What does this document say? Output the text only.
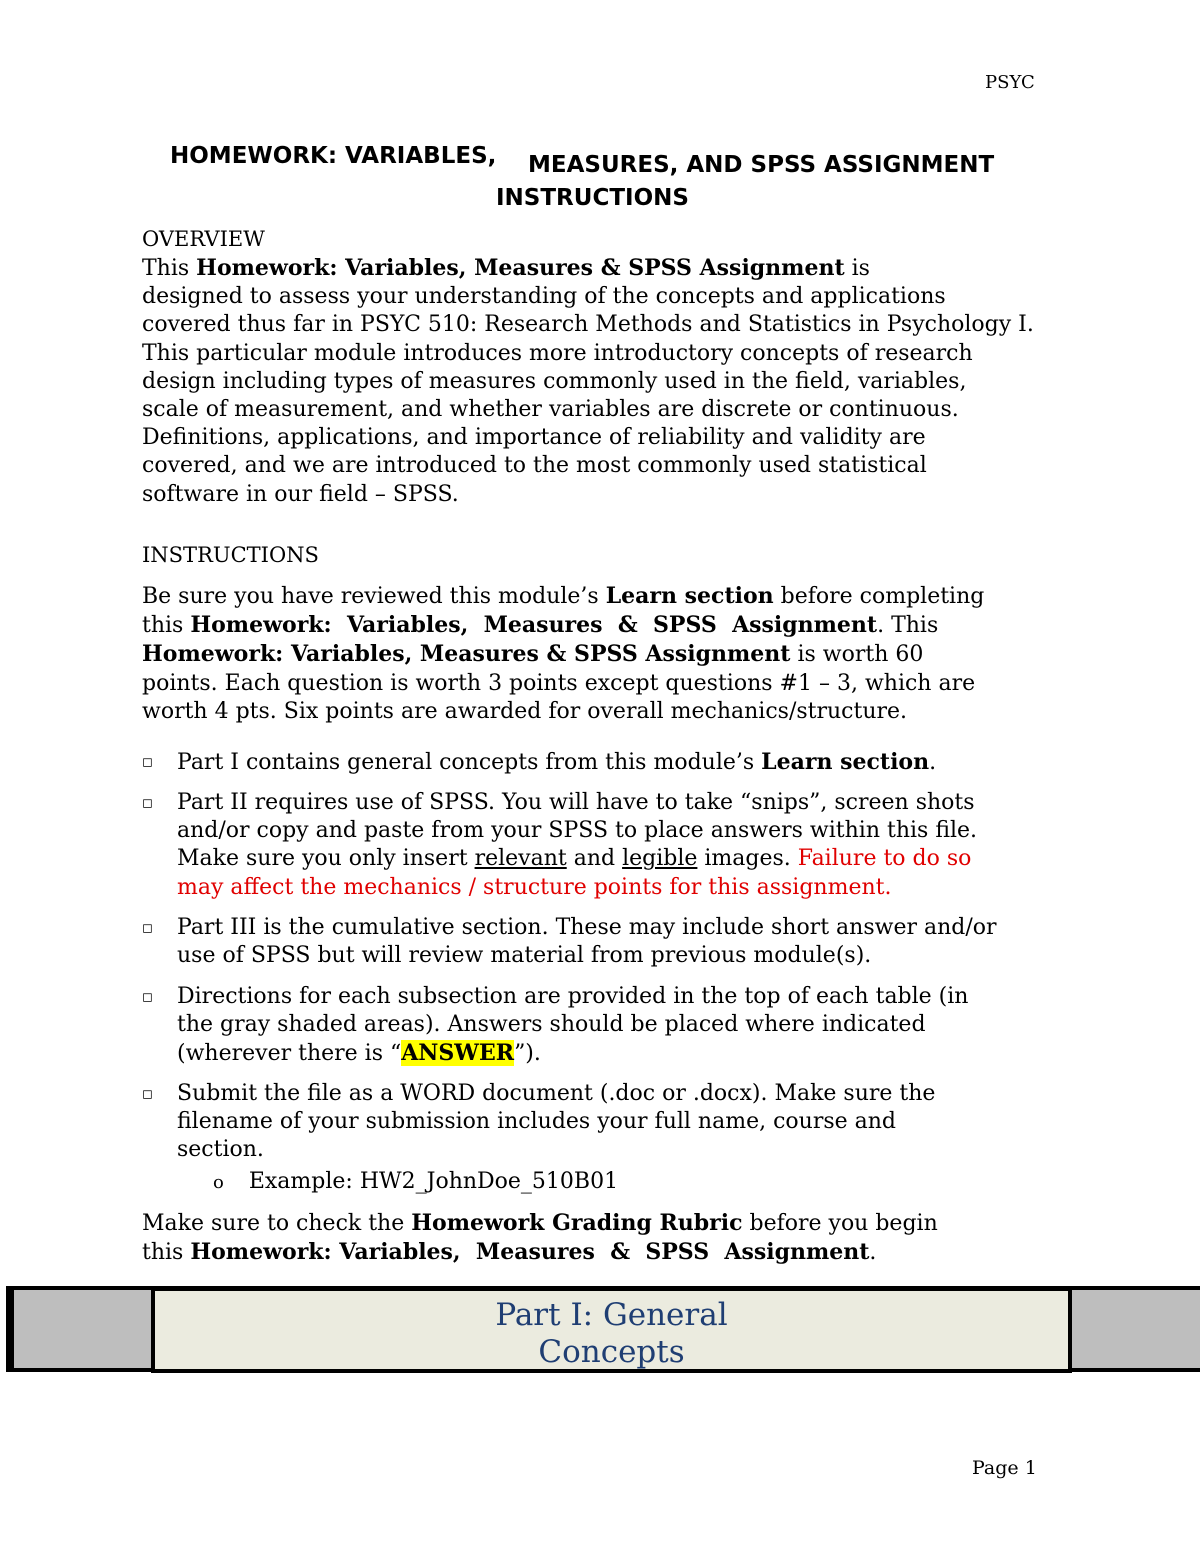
PSYC
HOMEWORK: VARIABLES, MEASURES, AND SPSS ASSIGNMENT
INSTRUCTIONS
OVERVIEW
This Homework: Variables, Measures & SPSS Assignment is
designed to assess your understanding of the concepts and applications
covered thus far in PSYC 510: Research Methods and Statistics in Psychology I.
This particular module introduces more introductory concepts of research
design including types of measures commonly used in the field, variables,
scale of measurement, and whether variables are discrete or continuous.
Definitions, applications, and importance of reliability and validity are
covered, and we are introduced to the most commonly used statistical
software in our field – SPSS.
INSTRUCTIONS
Be sure you have reviewed this module’s Learn section before completing
this Homework:  Variables,  Measures  &  SPSS  Assignment. This
Homework: Variables, Measures & SPSS Assignment is worth 60
points. Each question is worth 3 points except questions #1 – 3, which are
worth 4 pts. Six points are awarded for overall mechanics/structure.
◻ Part I contains general concepts from this module’s Learn section.
◻ Part II requires use of SPSS. You will have to take “snips”, screen shots
and/or copy and paste from your SPSS to place answers within this file.
Make sure you only insert relevant and legible images. Failure to do so
may affect the mechanics / structure points for this assignment.
◻ Part III is the cumulative section. These may include short answer and/or
use of SPSS but will review material from previous module(s).
◻ Directions for each subsection are provided in the top of each table (in
the gray shaded areas). Answers should be placed where indicated
(wherever there is “ANSWER”).
◻ Submit the file as a WORD document (.doc or .docx). Make sure the
filename of your submission includes your full name, course and
section.
o Example: HW2_JohnDoe_510B01
Make sure to check the Homework Grading Rubric before you begin
this Homework: Variables,  Measures  &  SPSS  Assignment.
Part I: General
Concepts
Page 1
